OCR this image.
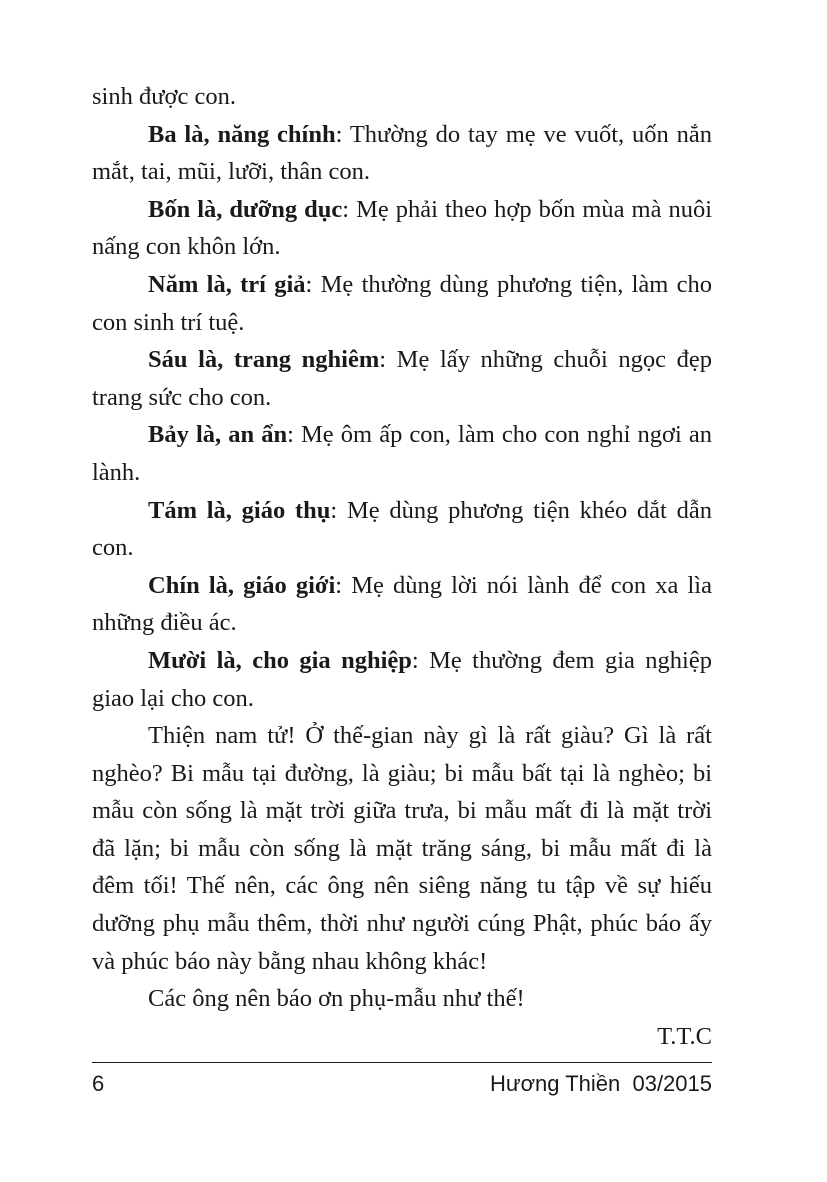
sinh được con.

Ba là, năng chính: Thường do tay mẹ ve vuốt, uốn nắn mắt, tai, mũi, lưỡi, thân con.

Bốn là, dưỡng dục: Mẹ phải theo hợp bốn mùa mà nuôi nấng con khôn lớn.

Năm là, trí giả: Mẹ thường dùng phương tiện, làm cho con sinh trí tuệ.

Sáu là, trang nghiêm: Mẹ lấy những chuỗi ngọc đẹp trang sức cho con.

Bảy là, an ẩn: Mẹ ôm ấp con, làm cho con nghỉ ngơi an lành.

Tám là, giáo thụ: Mẹ dùng phương tiện khéo dắt dẫn con.

Chín là, giáo giới: Mẹ dùng lời nói lành để con xa lìa những điều ác.

Mười là, cho gia nghiệp: Mẹ thường đem gia nghiệp giao lại cho con.

Thiện nam tử! Ở thế-gian này gì là rất giàu? Gì là rất nghèo? Bi mẫu tại đường, là giàu; bi mẫu bất tại là nghèo; bi mẫu còn sống là mặt trời giữa trưa, bi mẫu mất đi là mặt trời đã lặn; bi mẫu còn sống là mặt trăng sáng, bi mẫu mất đi là đêm tối! Thế nên, các ông nên siêng năng tu tập về sự hiếu dưỡng phụ mẫu thêm, thời như người cúng Phật, phúc báo ấy và phúc báo này bằng nhau không khác!

Các ông nên báo ơn phụ-mẫu như thế!

T.T.C

6	Hương Thiền  03/2015
